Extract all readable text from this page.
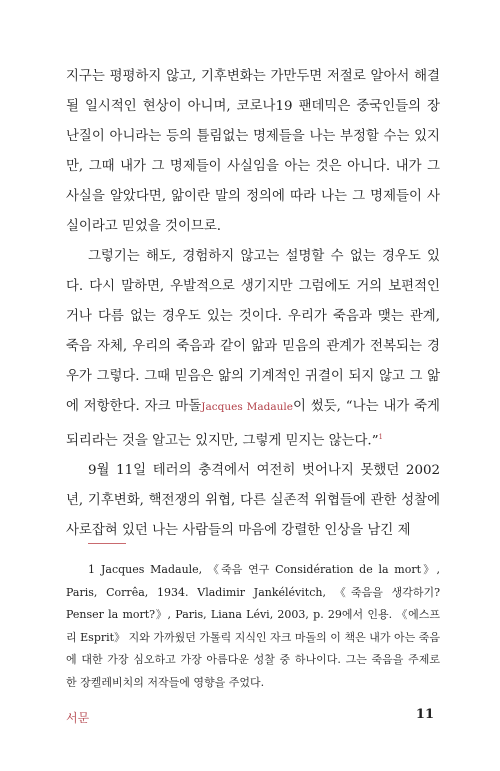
지구는 평평하지 않고, 기후변화는 가만두면 저절로 알아서 해결될 일시적인 현상이 아니며, 코로나19 팬데믹은 중국인들의 장난질이 아니라는 등의 틀림없는 명제들을 나는 부정할 수는 있지만, 그때 내가 그 명제들이 사실임을 아는 것은 아니다. 내가 그 사실을 알았다면, 앎이란 말의 정의에 따라 나는 그 명제들이 사실이라고 믿었을 것이므로.

그렇기는 해도, 경험하지 않고는 설명할 수 없는 경우도 있다. 다시 말하면, 우발적으로 생기지만 그럼에도 거의 보편적인 거나 다름 없는 경우도 있는 것이다. 우리가 죽음과 맺는 관계, 죽음 자체, 우리의 죽음과 같이 앎과 믿음의 관계가 전복되는 경우가 그렇다. 그때 믿음은 앎의 기계적인 귀결이 되지 않고 그 앎에 저항한다. 자크 마돌Jacques Madaule이 썼듯, “나는 내가 죽게 되리라는 것을 알고는 있지만, 그렇게 믿지는 않는다.”$^1$

9월 11일 테러의 충격에서 여전히 벗어나지 못했던 2002년, 기후변화, 핵전쟁의 위협, 다른 실존적 위협들에 관한 성찰에 사로잡혀 있던 나는 사람들의 마음에 강렬한 인상을 남긴 제

1 Jacques Madaule, 《죽음 연구 Considération de la mort》, Paris, Corrêa, 1934. Vladimir Jankélévitch, 《죽음을 생각하기? Penser la mort?》, Paris, Liana Lévi, 2003, p. 29에서 인용. 《에스프리 Esprit》 지와 가까웠던 가톨릭 지식인 자크 마돌의 이 책은 내가 아는 죽음에 대한 가장 심오하고 가장 아름다운 성찰 중 하나이다. 그는 죽음을 주제로 한 장켈레비치의 저작들에 영향을 주었다.
서문	11
